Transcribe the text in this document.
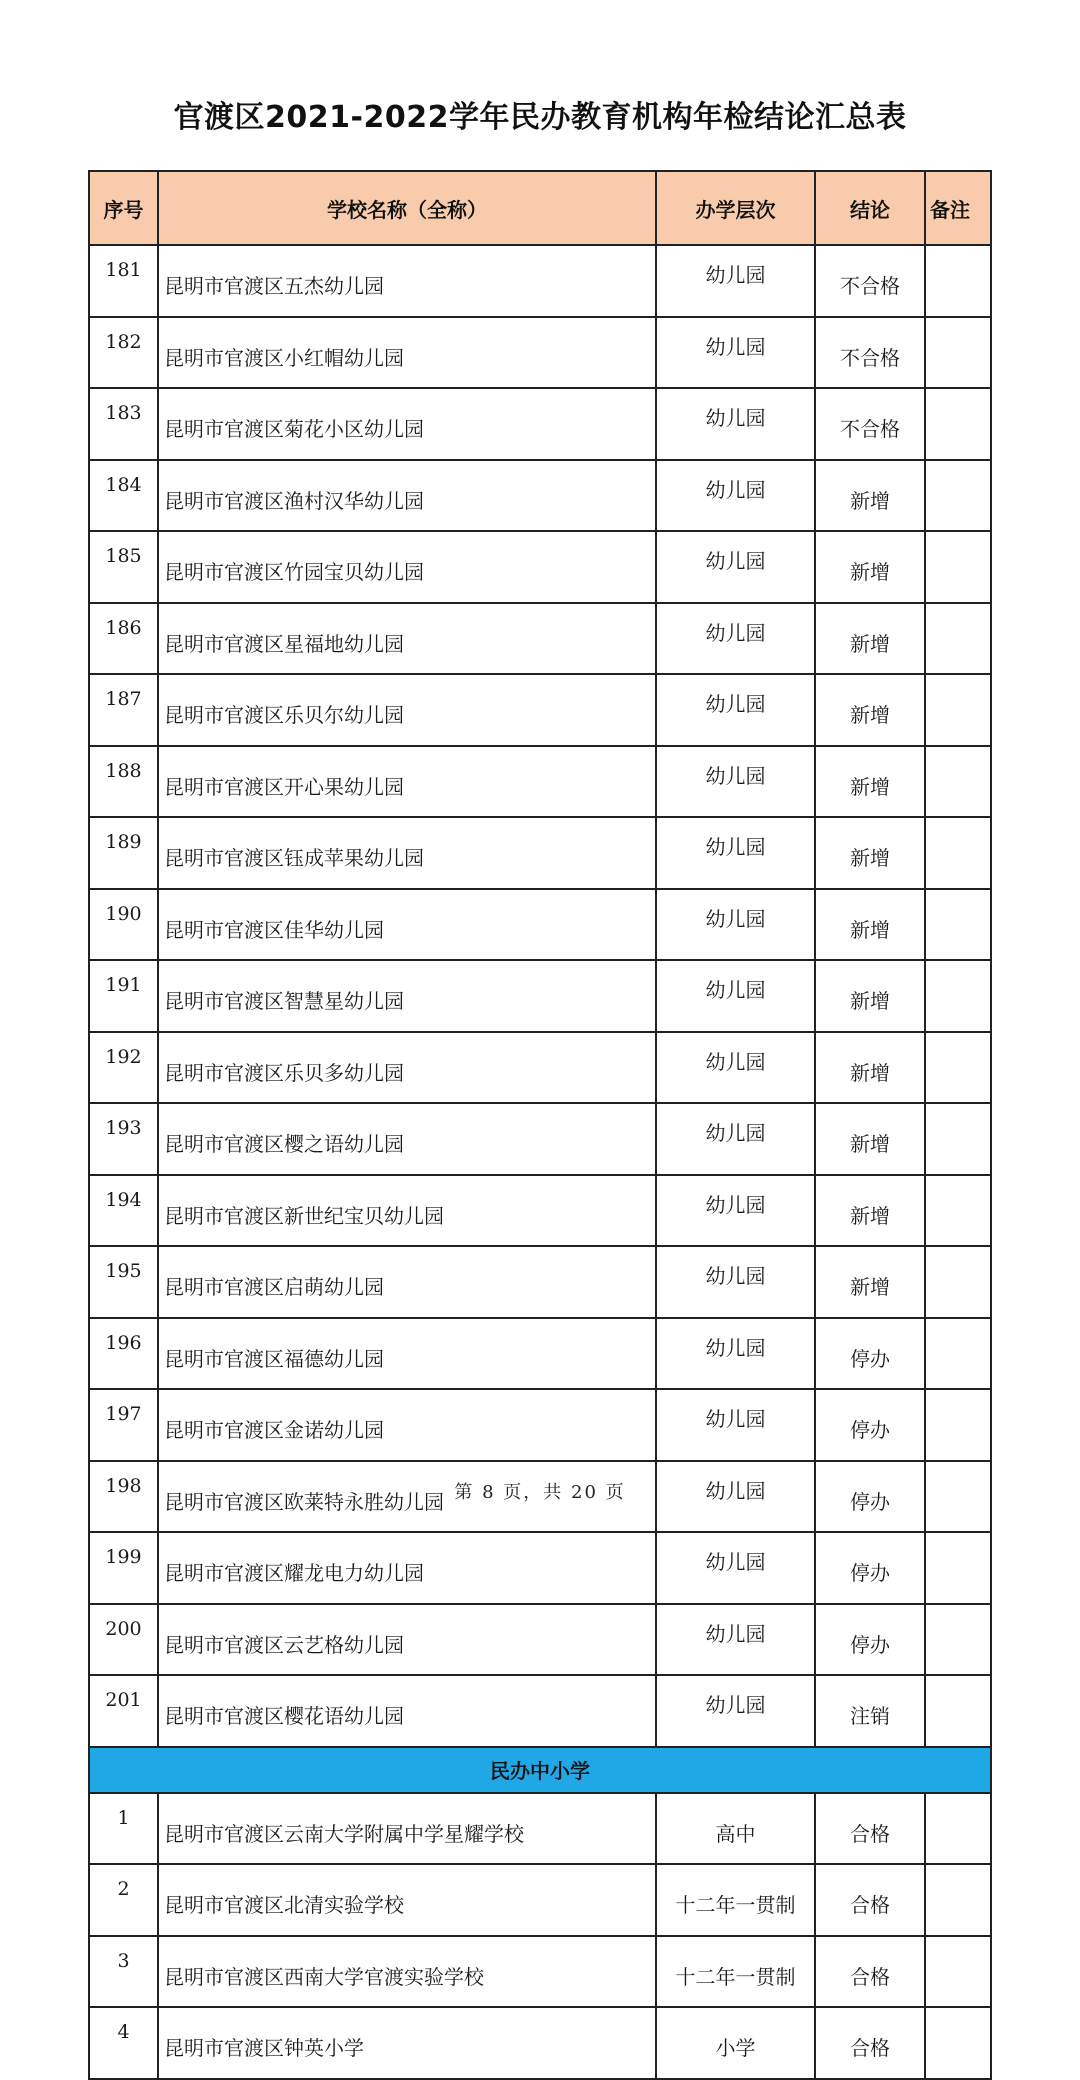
官渡区2021-2022学年民办教育机构年检结论汇总表
序号	学校名称（全称）	办学层次	结论	备注
181	昆明市官渡区五杰幼儿园	幼儿园	不合格	
182	昆明市官渡区小红帽幼儿园	幼儿园	不合格	
183	昆明市官渡区菊花小区幼儿园	幼儿园	不合格	
184	昆明市官渡区渔村汉华幼儿园	幼儿园	新增	
185	昆明市官渡区竹园宝贝幼儿园	幼儿园	新增	
186	昆明市官渡区星福地幼儿园	幼儿园	新增	
187	昆明市官渡区乐贝尔幼儿园	幼儿园	新增	
188	昆明市官渡区开心果幼儿园	幼儿园	新增	
189	昆明市官渡区钰成苹果幼儿园	幼儿园	新增	
190	昆明市官渡区佳华幼儿园	幼儿园	新增	
191	昆明市官渡区智慧星幼儿园	幼儿园	新增	
192	昆明市官渡区乐贝多幼儿园	幼儿园	新增	
193	昆明市官渡区樱之语幼儿园	幼儿园	新增	
194	昆明市官渡区新世纪宝贝幼儿园	幼儿园	新增	
195	昆明市官渡区启萌幼儿园	幼儿园	新增	
196	昆明市官渡区福德幼儿园	幼儿园	停办	
197	昆明市官渡区金诺幼儿园	幼儿园	停办	
198	昆明市官渡区欧莱特永胜幼儿园	幼儿园	停办	
199	昆明市官渡区耀龙电力幼儿园	幼儿园	停办	
200	昆明市官渡区云艺格幼儿园	幼儿园	停办	
201	昆明市官渡区樱花语幼儿园	幼儿园	注销	
民办中小学				
1	昆明市官渡区云南大学附属中学星耀学校	高中	合格	
2	昆明市官渡区北清实验学校	十二年一贯制	合格	
3	昆明市官渡区西南大学官渡实验学校	十二年一贯制	合格	
4	昆明市官渡区钟英小学	小学	合格	
第 8 页，共 20 页
